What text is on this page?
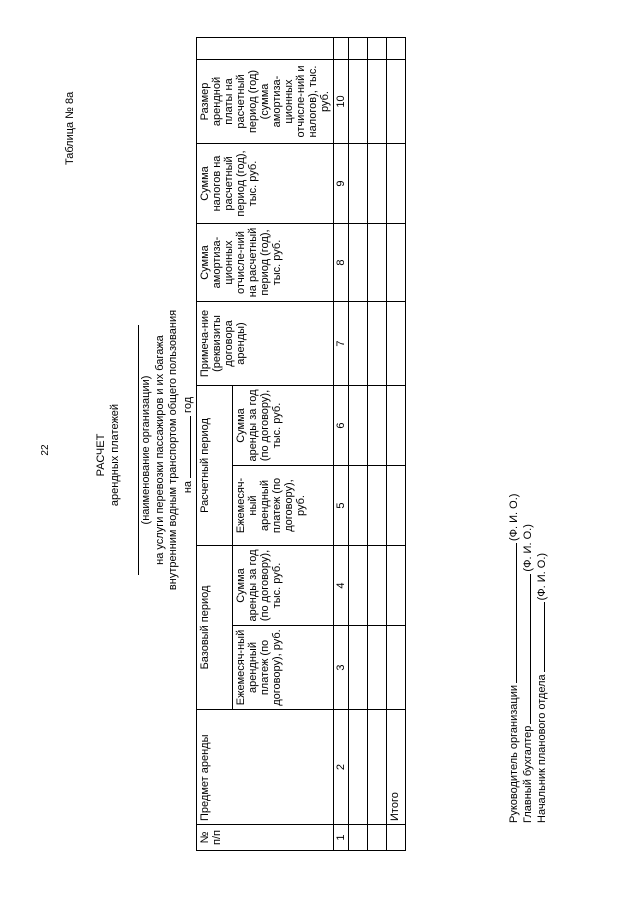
22
Таблица № 8а
РАСЧЕТ арендных платежей (наименование организации) на услуги перевозки пассажиров и их багажа внутренним водным транспортом общего пользования нагод
№ п/п	Предмет аренды	Базовый период		Расчетный период		Примеча-ние (реквизиты договора аренды)	Сумма амортиза-ционных отчисле-ний на расчетный период (год), тыс. руб.	Сумма налогов на расчетный период (год), тыс. руб.	Размер арендной платы на расчетный период (год) (сумма амортиза-ционных отчисле-ний и налогов), тыс. руб.	
		Ежемесяч-ный арендный платеж (по договору), руб.	Сумма аренды за год (по договору), тыс. руб.	Ежемесяч-ный арендный платеж (по договору), руб.	Сумма аренды за год (по договору), тыс. руб.					
1	2	3	4	5	6	7	8	9	10	

	Итого										Руководитель организации(Ф. И. О.)
Главный бухгалтер(Ф. И. О.)
Начальник планового отдела(Ф. И. О.)
